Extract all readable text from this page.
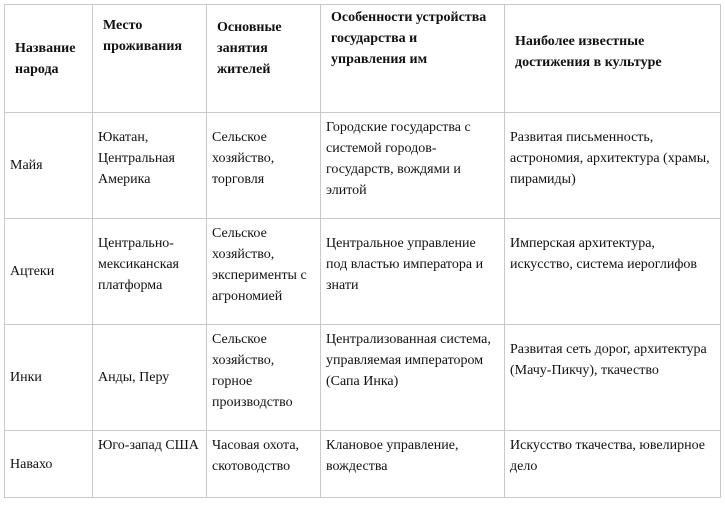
Название народа	Место проживания	Основные занятия жителей	Особенности устройства государства и управления им	Наиболее известные достижения в культуре
Майя	Юкатан, Центральная Америка	Сельское хозяйство, торговля	Городские государства с системой городов-государств, вождями и элитой	Развитая письменность, астрономия, архитектура (храмы, пирамиды)
Ацтеки	Центрально-мексиканская платформа	Сельское хозяйство, эксперименты с агрономией	Центральное управление под властью императора и знати	Имперская архитектура, искусство, система иероглифов
Инки	Анды, Перу	Сельское хозяйство, горное производство	Централизованная система, управляемая императором (Сапа Инка)	Развитая сеть дорог, архитектура (Мачу-Пикчу), ткачество
Навахо	Юго-запад США	Часовая охота, скотоводство	Клановое управление, вождества	Искусство ткачества, ювелирное дело
